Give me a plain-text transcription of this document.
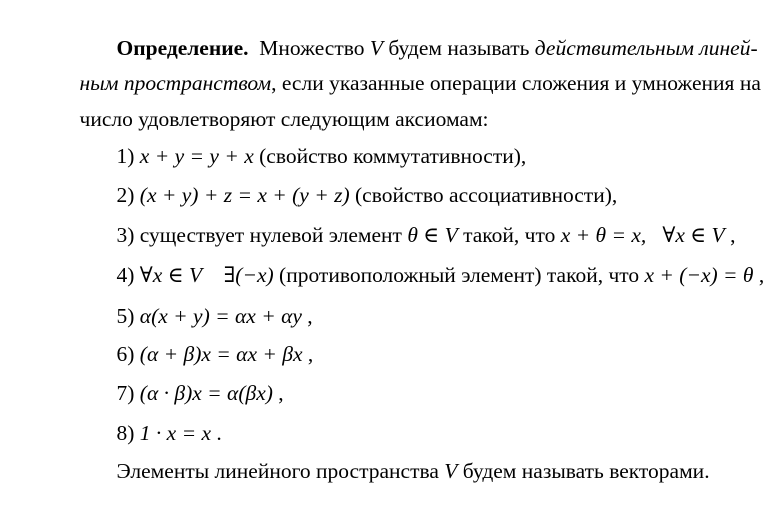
Определение. Множество V будем называть действительным линей-

ным пространством, если указанные операции сложения и умножения на

число удовлетворяют следующим аксиомам:

1) x + y = y + x (свойство коммутативности),

2) (x + y) + z = x + (y + z) (свойство ассоциативности),

3) существует нулевой элемент θ ∈ V такой, что x + θ = x,   ∀x ∈ V ,

4) ∀x ∈ V ∃(−x) (противоположный элемент) такой, что x + (−x) = θ ,

5) α(x + y) = αx + αy ,

6) (α + β)x = αx + βx ,

7) (α · β)x = α(βx) ,

8) 1 · x = x .

Элементы линейного пространства V будем называть векторами.
